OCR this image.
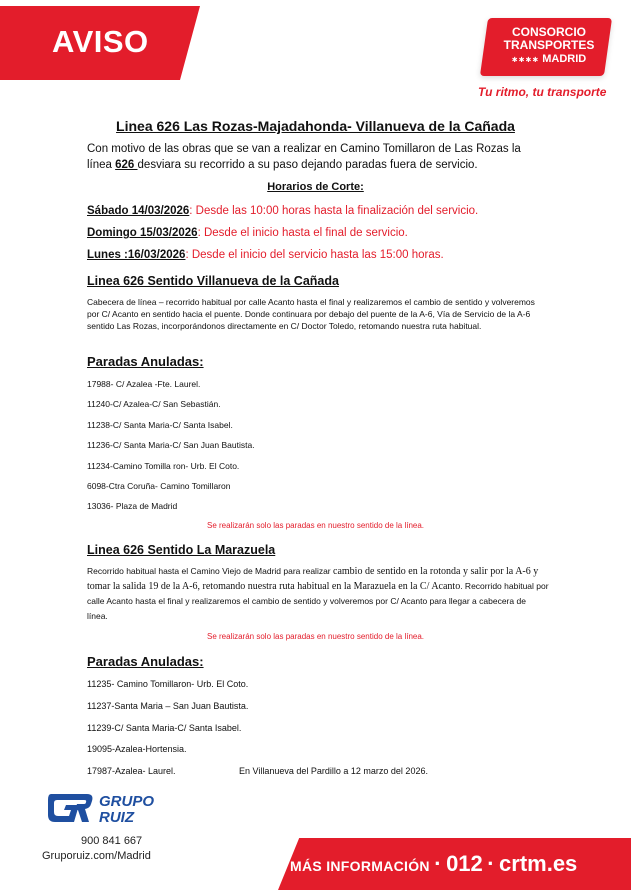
AVISO	CONSORCIO
TRANSPORTES
✱✱✱✱ MADRID
Tu ritmo, tu transporte
Linea 626 Las Rozas-Majadahonda- Villanueva de la Cañada
Con motivo de las obras que se van a realizar en Camino Tomillaron de Las Rozas la línea 626 desviara su recorrido a su paso dejando paradas fuera de servicio.
Horarios de Corte:
Sábado 14/03/2026: Desde las 10:00 horas hasta la finalización del servicio.
Domingo 15/03/2026: Desde el inicio hasta el final de servicio.
Lunes :16/03/2026: Desde el inicio del servicio hasta las 15:00 horas.
Linea 626 Sentido Villanueva de la Cañada
Cabecera de línea – recorrido habitual por calle Acanto hasta el final y realizaremos el cambio de sentido y volveremos por C/ Acanto en sentido hacia el puente. Donde continuara por debajo del puente de la A-6, Vía de Servicio de la A-6 sentido Las Rozas, incorporándonos directamente en C/ Doctor Toledo, retomando nuestra ruta habitual.
Paradas Anuladas:
17988- C/ Azalea -Fte. Laurel.
11240-C/ Azalea-C/ San Sebastián.
11238-C/ Santa Maria-C/ Santa Isabel.
11236-C/ Santa Maria-C/ San Juan Bautista.
11234-Camino Tomilla ron- Urb. El Coto.
6098-Ctra Coruña- Camino Tomillaron
13036- Plaza de Madrid
Se realizarán solo las paradas en nuestro sentido de la línea.
Linea 626 Sentido La Marazuela
Recorrido habitual hasta el Camino Viejo de Madrid para realizar cambio de sentido en la rotonda y salir por la A-6 y tomar la salida 19 de la A-6, retomando nuestra ruta habitual en la Marazuela en la C/ Acanto. Recorrido habitual por calle Acanto hasta el final y realizaremos el cambio de sentido y volveremos por C/ Acanto para llegar a cabecera de línea.
Se realizarán solo las paradas en nuestro sentido de la línea.
Paradas Anuladas:
11235- Camino Tomillaron- Urb. El Coto.
11237-Santa Maria – San Juan Bautista.
11239-C/ Santa Maria-C/ Santa Isabel.
19095-Azalea-Hortensia.
17987-Azalea- Laurel.	En Villanueva del Pardillo a 12 marzo del 2026.
GRUPO
RUIZ
900 841 667
Gruporuiz.com/Madrid
MÁS INFORMACIÓN · 012 · crtm.es
